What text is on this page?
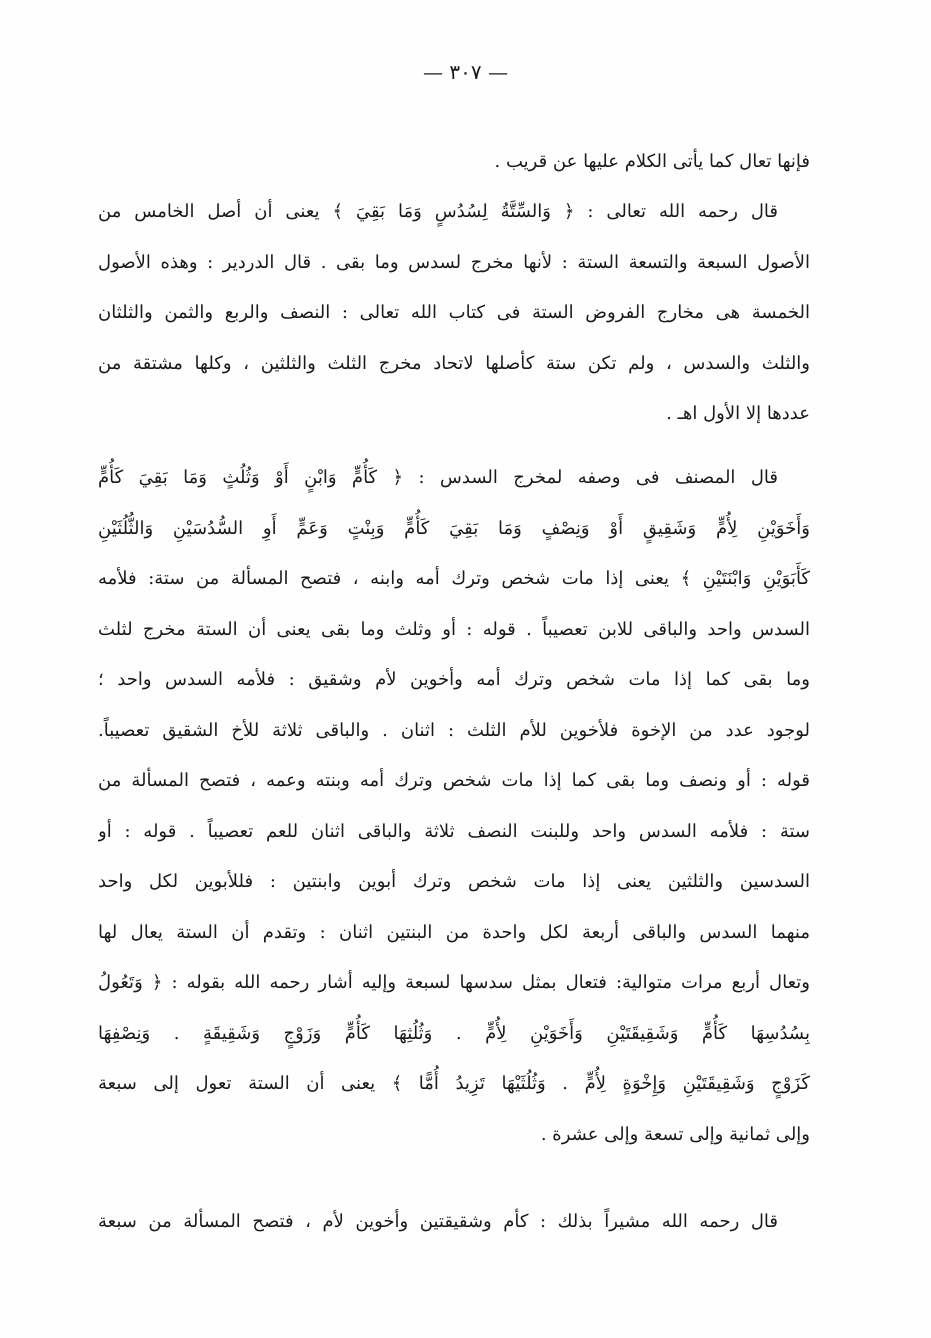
— ٣٠٧ —
فإنها تعال كما يأتى الكلام عليها عن قريب .
قال رحمه الله تعالى : ﴿ وَالسِّتَّةُ لِسُدُسٍ وَمَا بَقِيَ ﴾ يعنى أن أصل الخامس من
الأصول السبعة والتسعة الستة : لأنها مخرج لسدس وما بقى . قال الدردير : وهذه الأصول
الخمسة هى مخارج الفروض الستة فى كتاب الله تعالى : النصف والربع والثمن والثلثان
والثلث والسدس ، ولم تكن ستة كأصلها لاتحاد مخرج الثلث والثلثين ، وكلها مشتقة من
عددها إلا الأول اهـ .
قال المصنف فى وصفه لمخرج السدس : ﴿ كَأُمٍّ وَابْنٍ أَوْ وَثُلُثٍ وَمَا بَقِيَ كَأُمٍّ
وَأَخَوَيْنِ لِأُمٍّ وَشَقِيقٍ أَوْ وَنِصْفٍ وَمَا بَقِيَ كَأُمٍّ وَبِنْتٍ وَعَمٍّ أَوِ السُّدُسَيْنِ وَالثُّلُثَيْنِ
كَأَبَوَيْنِ وَابْنَتَيْنِ ﴾ يعنى إذا مات شخص وترك أمه وابنه ، فتصح المسألة من ستة: فلأمه
السدس واحد والباقى للابن تعصيباً . قوله : أو وثلث وما بقى يعنى أن الستة مخرج لثلث
وما بقى كما إذا مات شخص وترك أمه وأخوين لأم وشقيق : فلأمه السدس واحد ؛
لوجود عدد من الإخوة فلأخوين للأم الثلث : اثنان . والباقى ثلاثة للأخ الشقيق تعصيباً.
قوله : أو ونصف وما بقى كما إذا مات شخص وترك أمه وبنته وعمه ، فتصح المسألة من
ستة : فلأمه السدس واحد وللبنت النصف ثلاثة والباقى اثنان للعم تعصيباً . قوله : أو
السدسين والثلثين يعنى إذا مات شخص وترك أبوين وابنتين : فللأبوين لكل واحد
منهما السدس والباقى أربعة لكل واحدة من البنتين اثنان : وتقدم أن الستة يعال لها
وتعال أربع مرات متوالية: فتعال بمثل سدسها لسبعة وإليه أشار رحمه الله بقوله : ﴿ وَتَعُولُ
بِسُدُسِهَا كَأُمٍّ وَشَقِيقَتَيْنِ وَأَخَوَيْنِ لِأُمٍّ . وَثُلُثِهَا كَأُمٍّ وَزَوْجٍ وَشَقِيقَةٍ . وَنِصْفِهَا
كَزَوْجٍ وَشَقِيقَتَيْنِ وَإِخْوَةٍ لِأُمٍّ . وَثُلُثَيْهَا تَزِيدُ أُمًّا ﴾ يعنى أن الستة تعول إلى سبعة
وإلى ثمانية وإلى تسعة وإلى عشرة .
قال رحمه الله مشيراً بذلك : كأم وشقيقتين وأخوين لأم ، فتصح المسألة من سبعة
